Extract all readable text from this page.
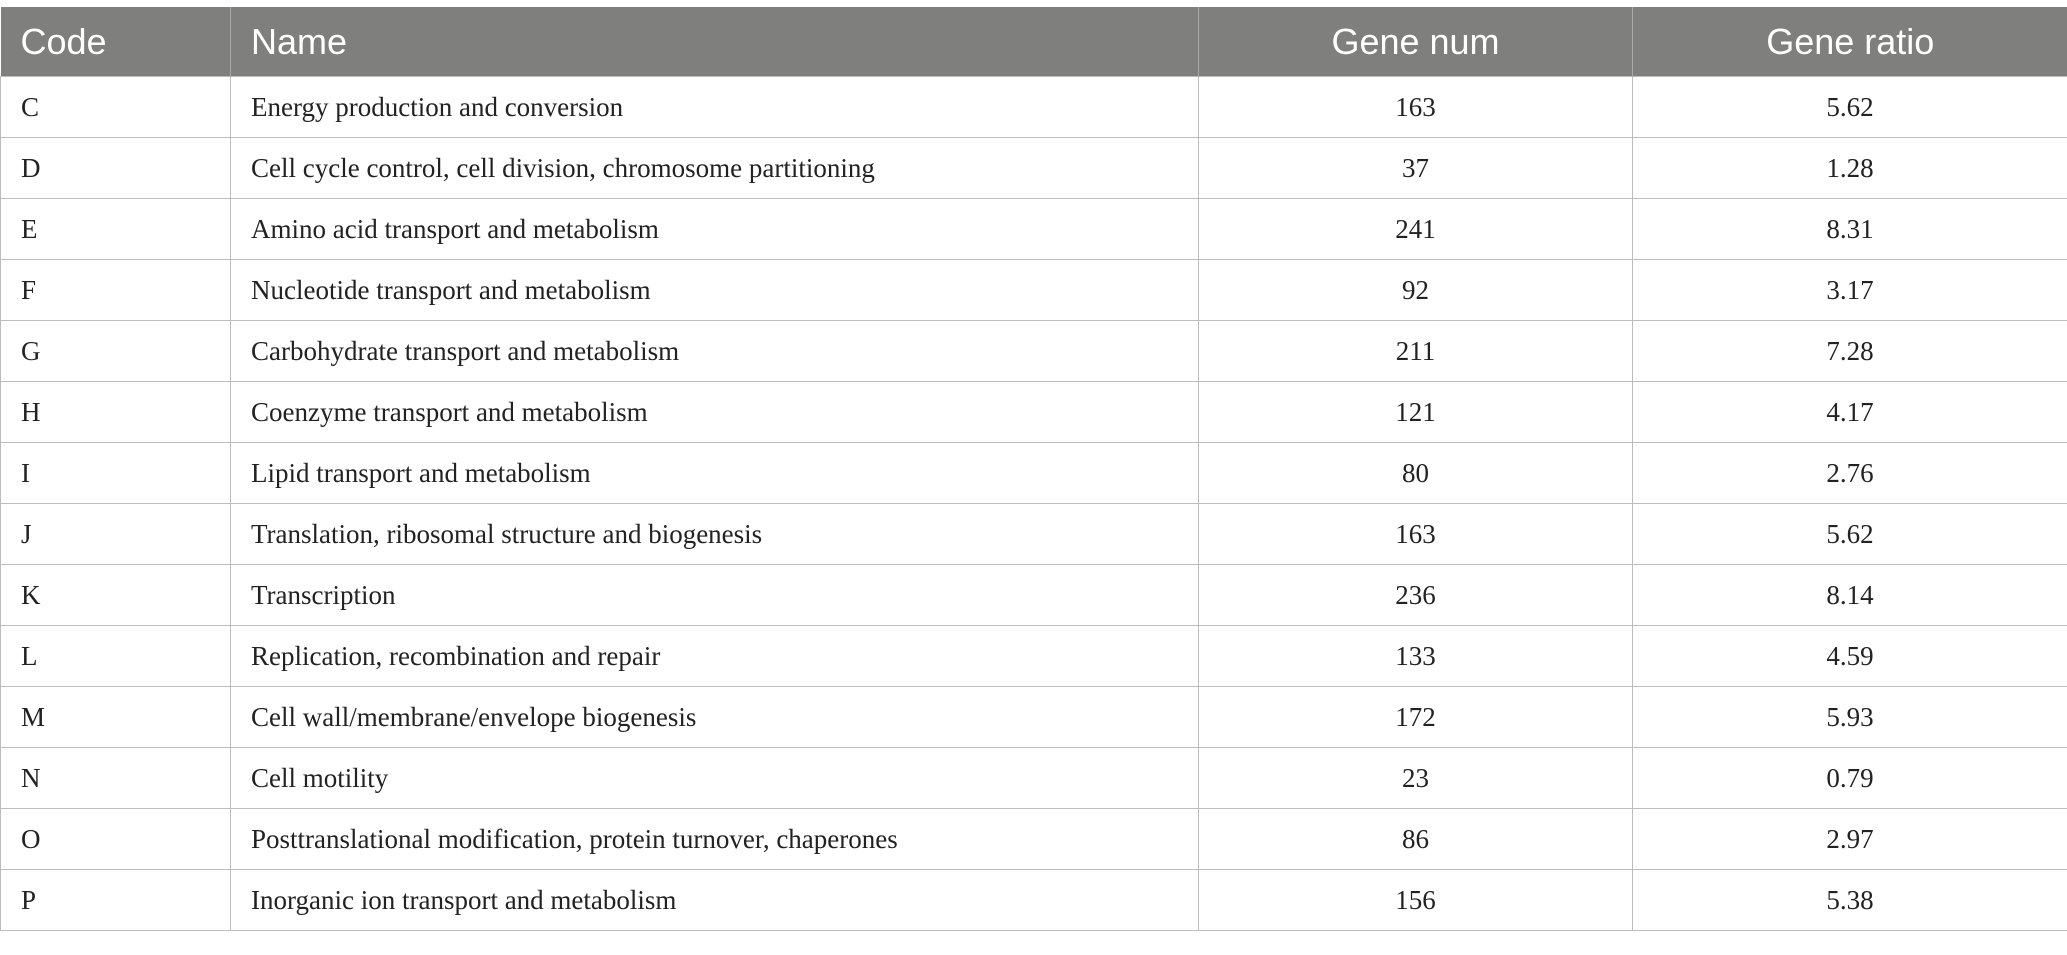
Code	Name	Gene num	Gene ratio
C	Energy production and conversion	163	5.62
D	Cell cycle control, cell division, chromosome partitioning	37	1.28
E	Amino acid transport and metabolism	241	8.31
F	Nucleotide transport and metabolism	92	3.17
G	Carbohydrate transport and metabolism	211	7.28
H	Coenzyme transport and metabolism	121	4.17
I	Lipid transport and metabolism	80	2.76
J	Translation, ribosomal structure and biogenesis	163	5.62
K	Transcription	236	8.14
L	Replication, recombination and repair	133	4.59
M	Cell wall/membrane/envelope biogenesis	172	5.93
N	Cell motility	23	0.79
O	Posttranslational modification, protein turnover, chaperones	86	2.97
P	Inorganic ion transport and metabolism	156	5.38
